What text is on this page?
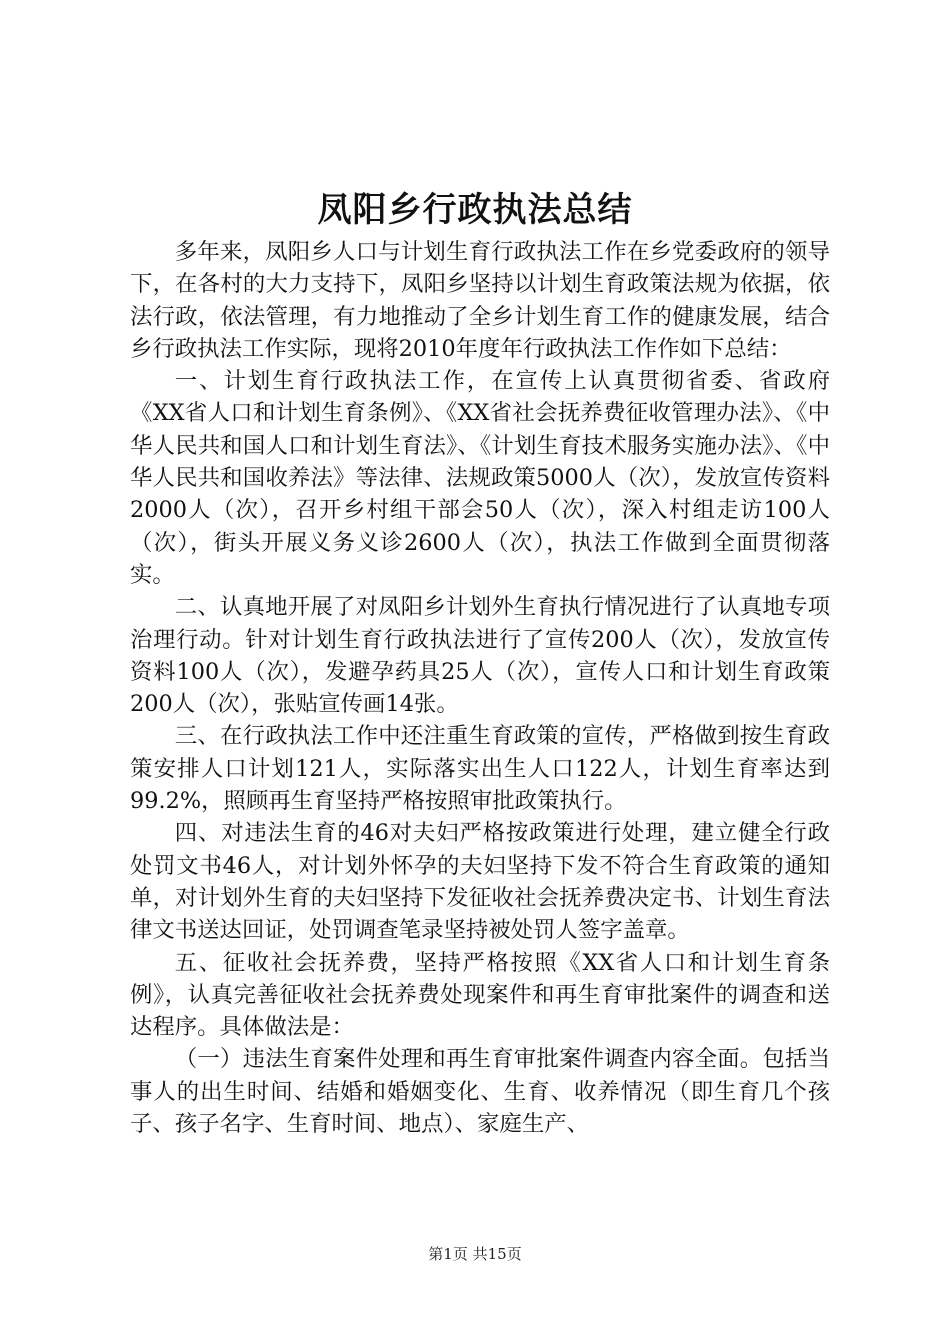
凤阳乡行政执法总结

多年来，凤阳乡人口与计划生育行政执法工作在乡党委政府的领导下，在各村的大力支持下，凤阳乡坚持以计划生育政策法规为依据，依法行政，依法管理，有力地推动了全乡计划生育工作的健康发展，结合乡行政执法工作实际，现将2010年度年行政执法工作作如下总结：

一、计划生育行政执法工作，在宣传上认真贯彻省委、省政府《XX省人口和计划生育条例》、《XX省社会抚养费征收管理办法》、《中华人民共和国人口和计划生育法》、《计划生育技术服务实施办法》、《中华人民共和国收养法》等法律、法规政策5000人（次），发放宣传资料2000人（次），召开乡村组干部会50人（次），深入村组走访100人（次），街头开展义务义诊2600人（次），执法工作做到全面贯彻落实。

二、认真地开展了对凤阳乡计划外生育执行情况进行了认真地专项治理行动。针对计划生育行政执法进行了宣传200人（次），发放宣传资料100人（次），发避孕药具25人（次），宣传人口和计划生育政策200人（次），张贴宣传画14张。

三、在行政执法工作中还注重生育政策的宣传，严格做到按生育政策安排人口计划121人，实际落实出生人口122人，计划生育率达到99.2%，照顾再生育坚持严格按照审批政策执行。

四、对违法生育的46对夫妇严格按政策进行处理，建立健全行政处罚文书46人，对计划外怀孕的夫妇坚持下发不符合生育政策的通知单，对计划外生育的夫妇坚持下发征收社会抚养费决定书、计划生育法律文书送达回证，处罚调查笔录坚持被处罚人签字盖章。

五、征收社会抚养费，坚持严格按照《XX省人口和计划生育条例》，认真完善征收社会抚养费处现案件和再生育审批案件的调查和送达程序。具体做法是：

（一）违法生育案件处理和再生育审批案件调查内容全面。包括当事人的出生时间、结婚和婚姻变化、生育、收养情况（即生育几个孩子、孩子名字、生育时间、地点）、家庭生产、

第1页 共15页
